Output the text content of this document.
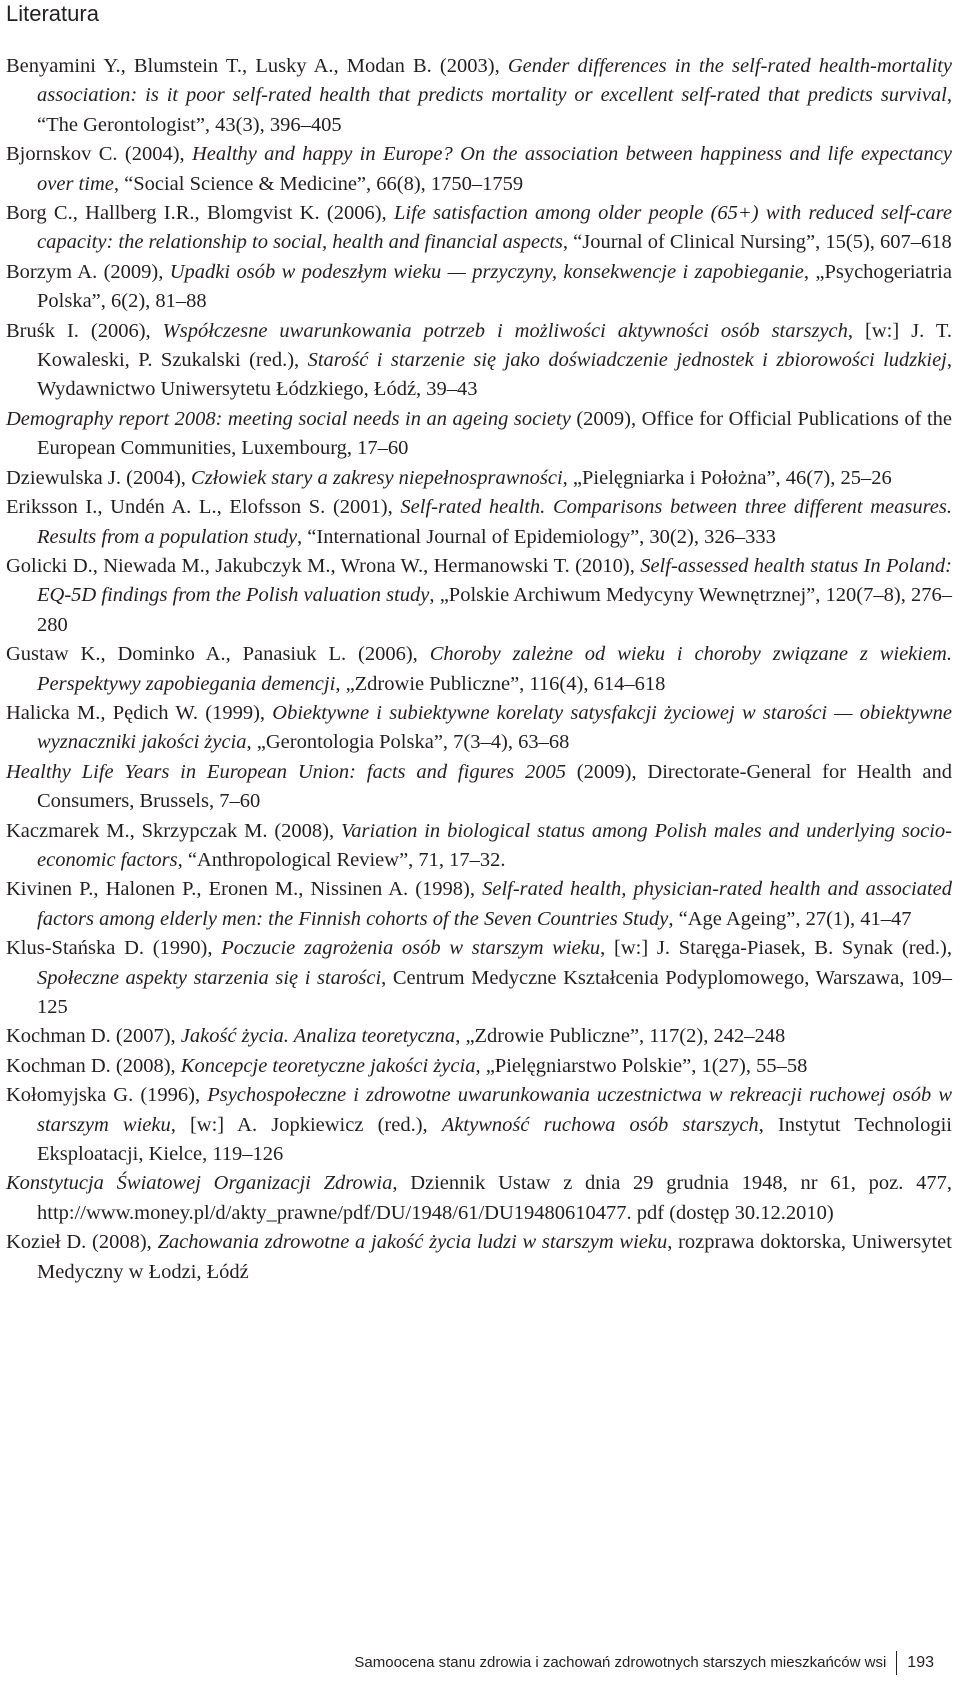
Literatura

Benyamini Y., Blumstein T., Lusky A., Modan B. (2003), Gender differences in the self-rated health-mortality association: is it poor self-rated health that predicts mortality or excellent self-rated that predicts survival, “The Gerontologist”, 43(3), 396–405

Bjornskov C. (2004), Healthy and happy in Europe? On the association between happiness and life expectancy over time, “Social Science & Medicine”, 66(8), 1750–1759

Borg C., Hallberg I.R., Blomgvist K. (2006), Life satisfaction among older people (65+) with reduced self-care capacity: the relationship to social, health and financial aspects, “Journal of Clinical Nursing”, 15(5), 607–618

Borzym A. (2009), Upadki osób w podeszłym wieku — przyczyny, konsekwencje i zapobieganie, „Psychogeriatria Polska”, 6(2), 81–88

Bruśk I. (2006), Współczesne uwarunkowania potrzeb i możliwości aktywności osób starszych, [w:] J. T. Kowaleski, P. Szukalski (red.), Starość i starzenie się jako doświadczenie jednostek i zbiorowości ludzkiej, Wydawnictwo Uniwersytetu Łódzkiego, Łódź, 39–43

Demography report 2008: meeting social needs in an ageing society (2009), Office for Official Publications of the European Communities, Luxembourg, 17–60

Dziewulska J. (2004), Człowiek stary a zakresy niepełnosprawności, „Pielęgniarka i Położna”, 46(7), 25–26

Eriksson I., Undén A. L., Elofsson S. (2001), Self-rated health. Comparisons between three different measures. Results from a population study, “International Journal of Epidemiology”, 30(2), 326–333

Golicki D., Niewada M., Jakubczyk M., Wrona W., Hermanowski T. (2010), Self-assessed health status In Poland: EQ-5D findings from the Polish valuation study, „Polskie Archiwum Medycyny Wewnętrznej”, 120(7–8), 276–280

Gustaw K., Dominko A., Panasiuk L. (2006), Choroby zależne od wieku i choroby związane z wiekiem. Perspektywy zapobiegania demencji, „Zdrowie Publiczne”, 116(4), 614–618

Halicka M., Pędich W. (1999), Obiektywne i subiektywne korelaty satysfakcji życiowej w starości — obiektywne wyznaczniki jakości życia, „Gerontologia Polska”, 7(3–4), 63–68

Healthy Life Years in European Union: facts and figures 2005 (2009), Directorate-General for Health and Consumers, Brussels, 7–60

Kaczmarek M., Skrzypczak M. (2008), Variation in biological status among Polish males and underlying socio-economic factors, “Anthropological Review”, 71, 17–32.

Kivinen P., Halonen P., Eronen M., Nissinen A. (1998), Self-rated health, physician-rated health and associated factors among elderly men: the Finnish cohorts of the Seven Countries Study, “Age Ageing”, 27(1), 41–47

Klus-Stańska D. (1990), Poczucie zagrożenia osób w starszym wieku, [w:] J. Staręga-Piasek, B. Synak (red.), Społeczne aspekty starzenia się i starości, Centrum Medyczne Kształcenia Podyplomowego, Warszawa, 109–125

Kochman D. (2007), Jakość życia. Analiza teoretyczna, „Zdrowie Publiczne”, 117(2), 242–248

Kochman D. (2008), Koncepcje teoretyczne jakości życia, „Pielęgniarstwo Polskie”, 1(27), 55–58

Kołomyjska G. (1996), Psychospołeczne i zdrowotne uwarunkowania uczestnictwa w rekreacji ruchowej osób w starszym wieku, [w:] A. Jopkiewicz (red.), Aktywność ruchowa osób starszych, Instytut Technologii Eksploatacji, Kielce, 119–126

Konstytucja Światowej Organizacji Zdrowia, Dziennik Ustaw z dnia 29 grudnia 1948, nr 61, poz. 477, http://www.money.pl/d/akty_prawne/pdf/DU/1948/61/DU19480610477. pdf (dostęp 30.12.2010)

Kozieł D. (2008), Zachowania zdrowotne a jakość życia ludzi w starszym wieku, rozprawa doktorska, Uniwersytet Medyczny w Łodzi, Łódź

Samoocena stanu zdrowia i zachowań zdrowotnych starszych mieszkańców wsi 193
